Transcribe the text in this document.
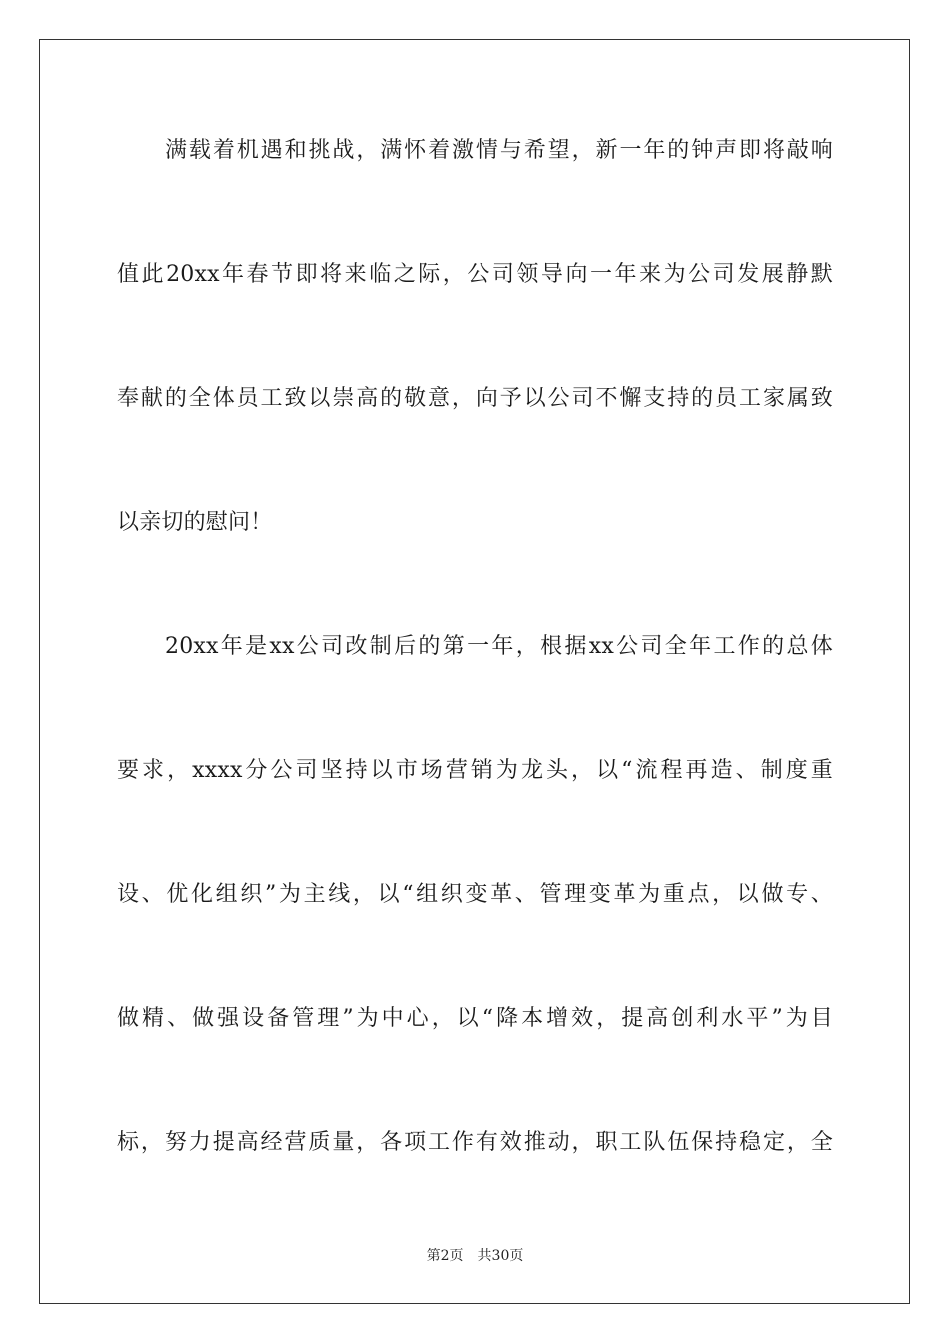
满载着机遇和挑战，满怀着激情与希望，新一年的钟声即将敲响
值此20xx年春节即将来临之际，公司领导向一年来为公司发展静默
奉献的全体员工致以崇高的敬意，向予以公司不懈支持的员工家属致
以亲切的慰问！
20xx年是xx公司改制后的第一年，根据xx公司全年工作的总体
要求，xxxx分公司坚持以市场营销为龙头，以“流程再造、制度重
设、优化组织”为主线，以“组织变革、管理变革为重点，以做专、
做精、做强设备管理”为中心，以“降本增效，提高创利水平”为目
标，努力提高经营质量，各项工作有效推动，职工队伍保持稳定，全
第2页 共30页
